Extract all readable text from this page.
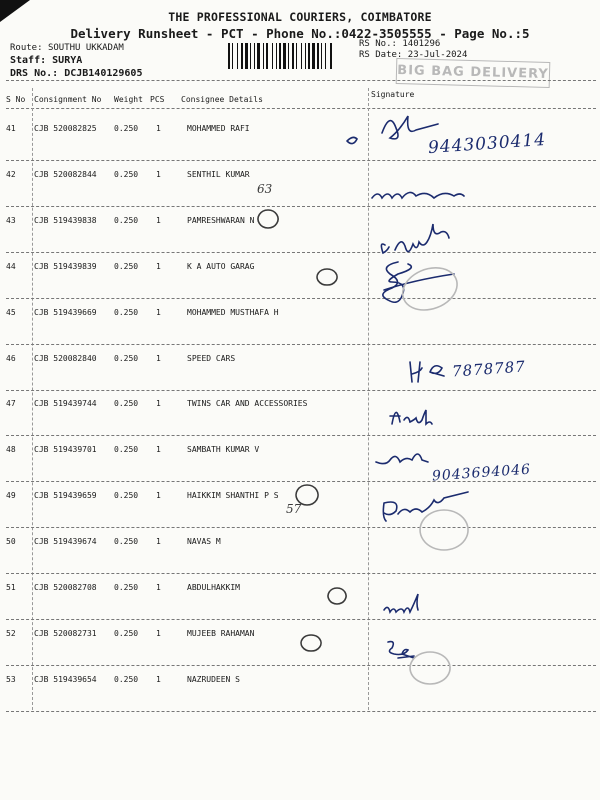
THE PROFESSIONAL COURIERS, COIMBATORE
Delivery Runsheet - PCT - Phone No.:0422-3505555 - Page No.:5
Route: SOUTHU UKKADAM
Staff: SURYA
DRS No.: DCJB140129605
RS No.: 1401296
RS Date: 23-Jul-2024
BIG BAG DELIVERY
S No Consignment No Weight PCS Consignee Details
Signature
41 CJB 520082825 0.250 1	MOHAMMED RAFI
42 CJB 520082844 0.250 1	SENTHIL KUMAR
43 CJB 519439838 0.250 1	PAMRESHWARAN N
44 CJB 519439839 0.250 1	K A AUTO GARAG
45 CJB 519439669 0.250 1	MOHAMMED MUSTHAFA H
46 CJB 520082840 0.250 1	SPEED CARS
47 CJB 519439744 0.250 1	TWINS CAR AND ACCESSORIES
48 CJB 519439701 0.250 1	SAMBATH KUMAR V
49 CJB 519439659 0.250 1	HAIKKIM SHANTHI P S
50 CJB 519439674 0.250 1	NAVAS M
51 CJB 520082708 0.250 1	ABDULHAKKIM
52 CJB 520082731 0.250 1	MUJEEB RAHAMAN
53 CJB 519439654 0.250 1	NAZRUDEEN S
9443030414
7878787
9043694046
63
57
